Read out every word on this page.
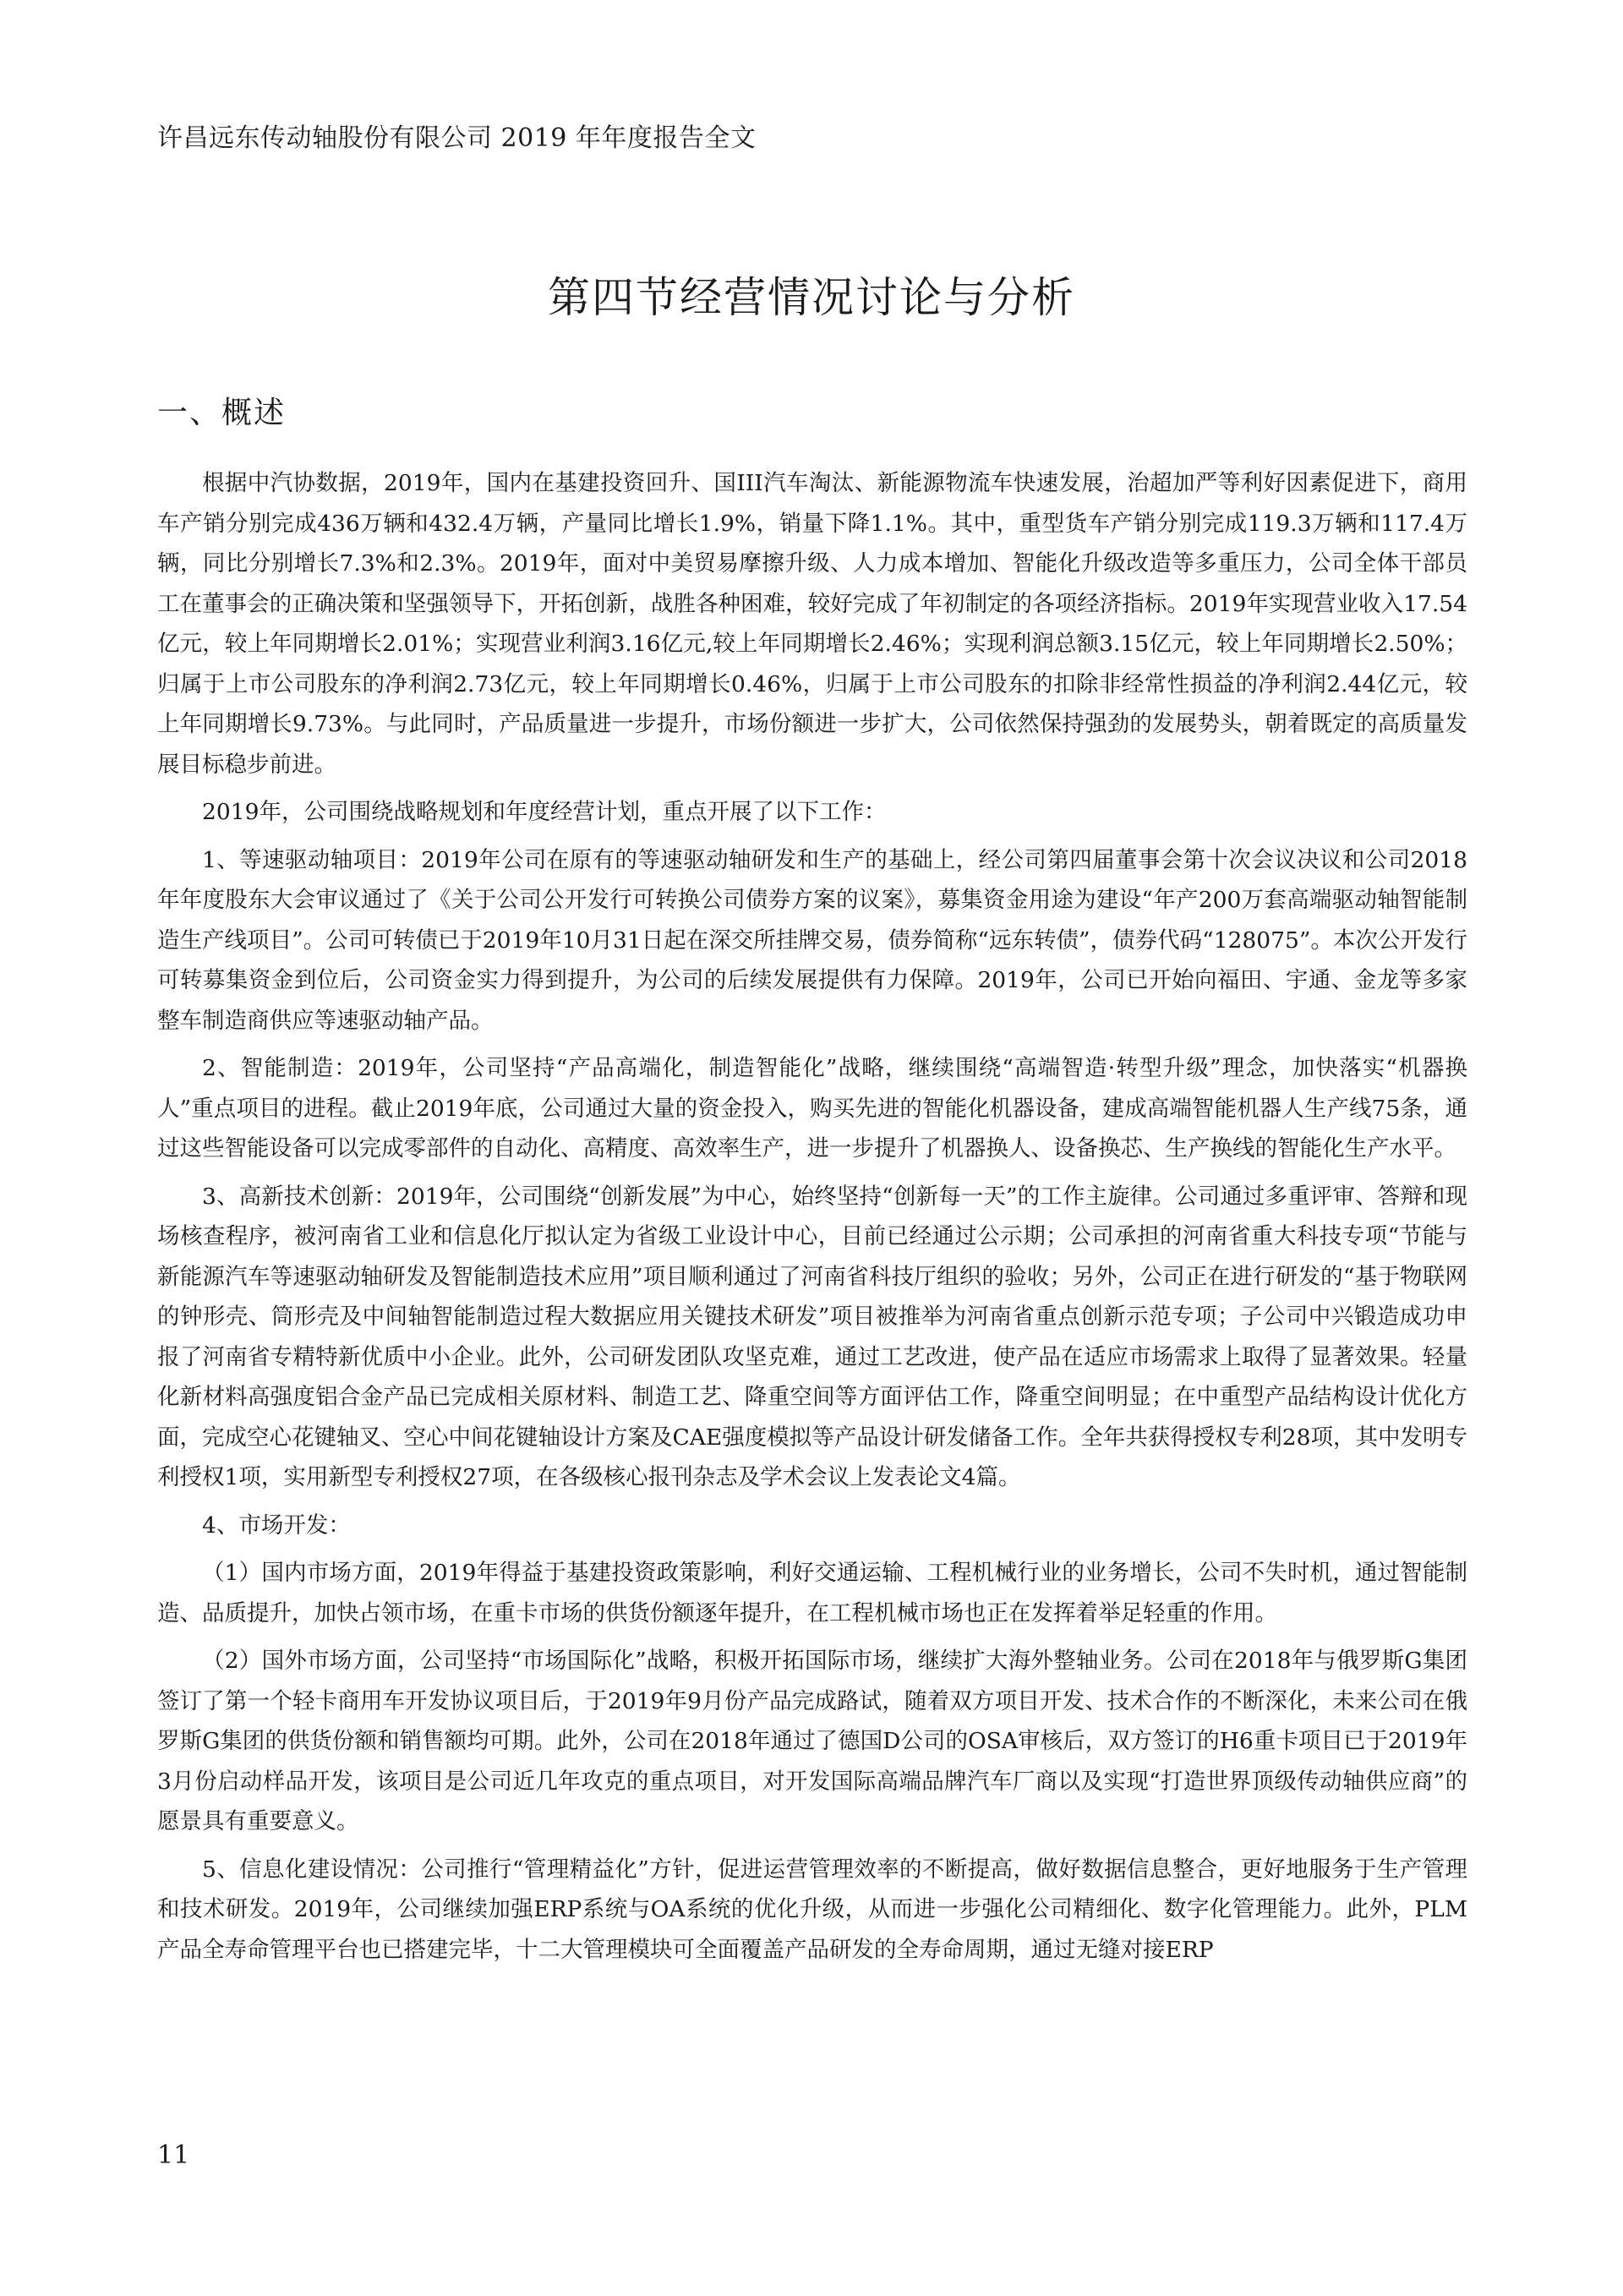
许昌远东传动轴股份有限公司 2019 年年度报告全文
第四节经营情况讨论与分析
一、概述

根据中汽协数据，2019年，国内在基建投资回升、国III汽车淘汰、新能源物流车快速发展，治超加严等利好因素促进下，商用车产销分别完成436万辆和432.4万辆，产量同比增长1.9%，销量下降1.1%。其中，重型货车产销分别完成119.3万辆和117.4万辆，同比分别增长7.3%和2.3%。2019年，面对中美贸易摩擦升级、人力成本增加、智能化升级改造等多重压力，公司全体干部员工在董事会的正确决策和坚强领导下，开拓创新，战胜各种困难，较好完成了年初制定的各项经济指标。2019年实现营业收入17.54亿元，较上年同期增长2.01%；实现营业利润3.16亿元,较上年同期增长2.46%；实现利润总额3.15亿元，较上年同期增长2.50%；归属于上市公司股东的净利润2.73亿元，较上年同期增长0.46%，归属于上市公司股东的扣除非经常性损益的净利润2.44亿元，较上年同期增长9.73%。与此同时，产品质量进一步提升，市场份额进一步扩大，公司依然保持强劲的发展势头，朝着既定的高质量发展目标稳步前进。

2019年，公司围绕战略规划和年度经营计划，重点开展了以下工作：

1、等速驱动轴项目：2019年公司在原有的等速驱动轴研发和生产的基础上，经公司第四届董事会第十次会议决议和公司2018年年度股东大会审议通过了《关于公司公开发行可转换公司债券方案的议案》，募集资金用途为建设“年产200万套高端驱动轴智能制造生产线项目”。公司可转债已于2019年10月31日起在深交所挂牌交易，债券简称“远东转债”，债券代码“128075”。本次公开发行可转募集资金到位后，公司资金实力得到提升，为公司的后续发展提供有力保障。2019年，公司已开始向福田、宇通、金龙等多家整车制造商供应等速驱动轴产品。

2、智能制造：2019年，公司坚持“产品高端化，制造智能化”战略，继续围绕“高端智造·转型升级”理念，加快落实“机器换人”重点项目的进程。截止2019年底，公司通过大量的资金投入，购买先进的智能化机器设备，建成高端智能机器人生产线75条，通过这些智能设备可以完成零部件的自动化、高精度、高效率生产，进一步提升了机器换人、设备换芯、生产换线的智能化生产水平。

3、高新技术创新：2019年，公司围绕“创新发展”为中心，始终坚持“创新每一天”的工作主旋律。公司通过多重评审、答辩和现场核查程序，被河南省工业和信息化厅拟认定为省级工业设计中心，目前已经通过公示期；公司承担的河南省重大科技专项“节能与新能源汽车等速驱动轴研发及智能制造技术应用”项目顺利通过了河南省科技厅组织的验收；另外，公司正在进行研发的“基于物联网的钟形壳、筒形壳及中间轴智能制造过程大数据应用关键技术研发”项目被推举为河南省重点创新示范专项；子公司中兴锻造成功申报了河南省专精特新优质中小企业。此外，公司研发团队攻坚克难，通过工艺改进，使产品在适应市场需求上取得了显著效果。轻量化新材料高强度铝合金产品已完成相关原材料、制造工艺、降重空间等方面评估工作，降重空间明显；在中重型产品结构设计优化方面，完成空心花键轴叉、空心中间花键轴设计方案及CAE强度模拟等产品设计研发储备工作。全年共获得授权专利28项，其中发明专利授权1项，实用新型专利授权27项，在各级核心报刊杂志及学术会议上发表论文4篇。

4、市场开发：

（1）国内市场方面，2019年得益于基建投资政策影响，利好交通运输、工程机械行业的业务增长，公司不失时机，通过智能制造、品质提升，加快占领市场，在重卡市场的供货份额逐年提升，在工程机械市场也正在发挥着举足轻重的作用。

（2）国外市场方面，公司坚持“市场国际化”战略，积极开拓国际市场，继续扩大海外整轴业务。公司在2018年与俄罗斯G集团签订了第一个轻卡商用车开发协议项目后，于2019年9月份产品完成路试，随着双方项目开发、技术合作的不断深化，未来公司在俄罗斯G集团的供货份额和销售额均可期。此外，公司在2018年通过了德国D公司的OSA审核后，双方签订的H6重卡项目已于2019年3月份启动样品开发，该项目是公司近几年攻克的重点项目，对开发国际高端品牌汽车厂商以及实现“打造世界顶级传动轴供应商”的愿景具有重要意义。

5、信息化建设情况：公司推行“管理精益化”方针，促进运营管理效率的不断提高，做好数据信息整合，更好地服务于生产管理和技术研发。2019年，公司继续加强ERP系统与OA系统的优化升级，从而进一步强化公司精细化、数字化管理能力。此外，PLM产品全寿命管理平台也已搭建完毕，十二大管理模块可全面覆盖产品研发的全寿命周期，通过无缝对接ERP

11
